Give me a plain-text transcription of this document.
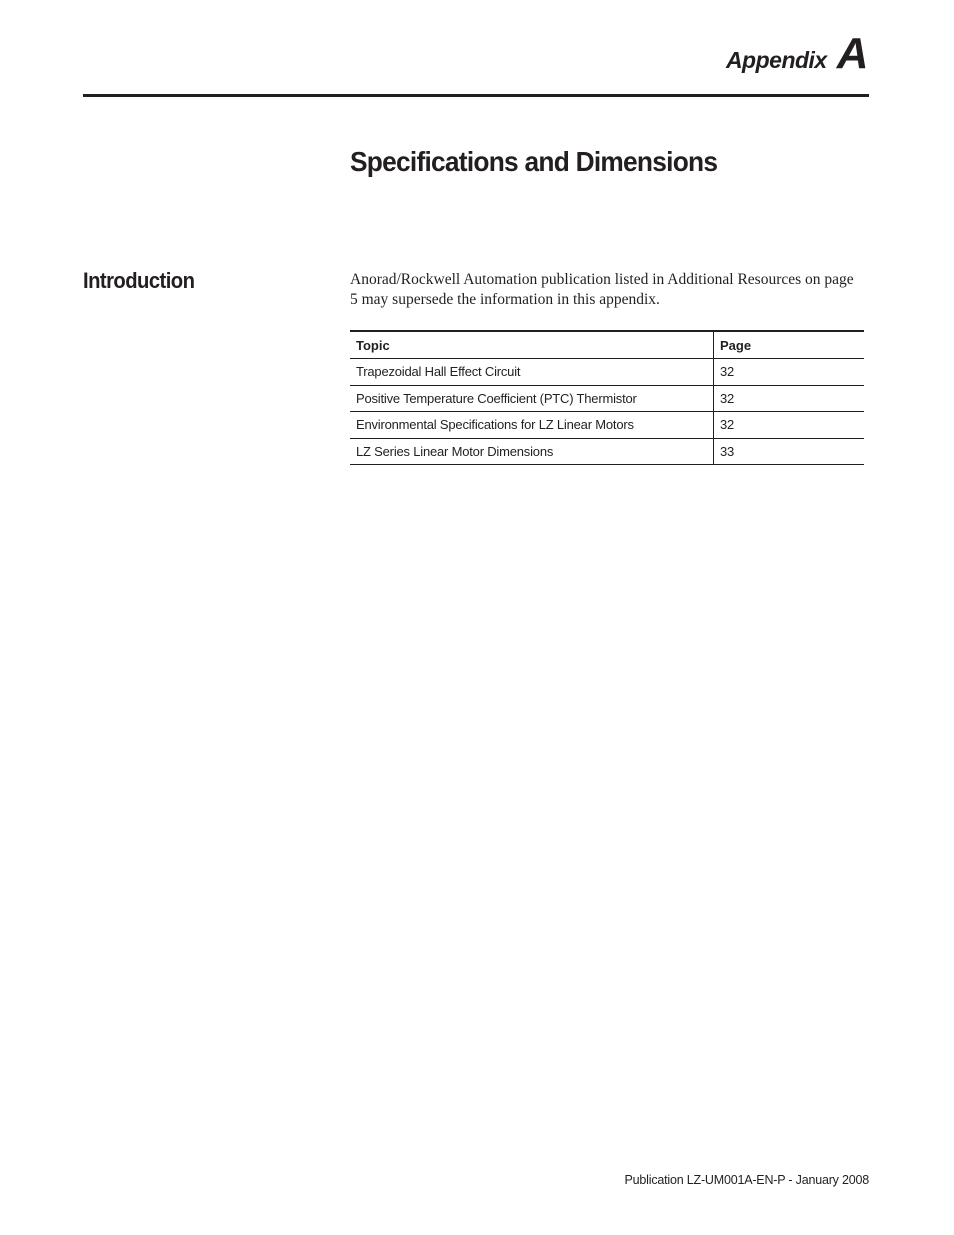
Appendix A
Specifications and Dimensions
Introduction	Anorad/Rockwell Automation publication listed in Additional Resources on page 5 may supersede the information in this appendix.

Topic	Page
Trapezoidal Hall Effect Circuit	32
Positive Temperature Coefficient (PTC) Thermistor	32
Environmental Specifications for LZ Linear Motors	32
LZ Series Linear Motor Dimensions	33
Publication LZ-UM001A-EN-P - January 2008
